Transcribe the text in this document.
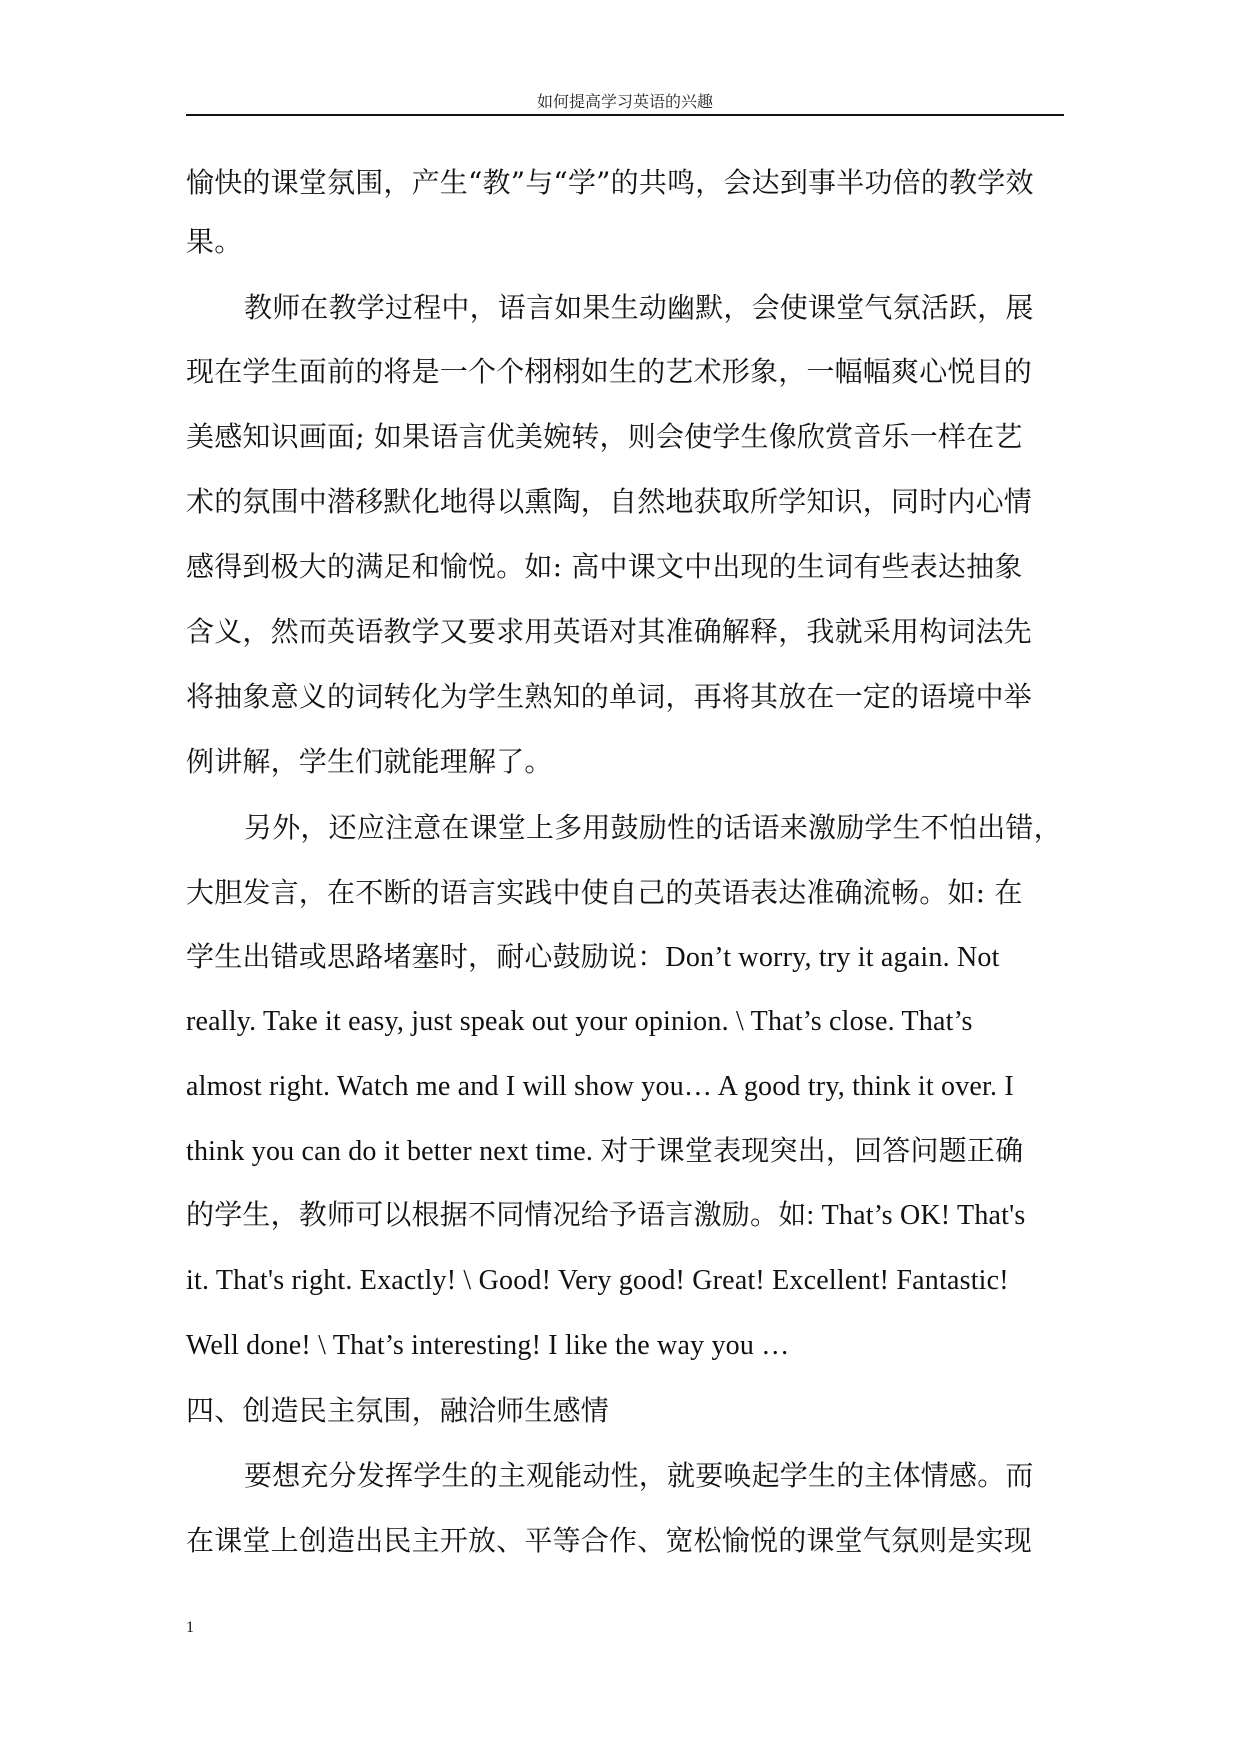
如何提高学习英语的兴趣
愉快的课堂氛围，产生“教”与“学”的共鸣，会达到事半功倍的教学效
果。
教师在教学过程中，语言如果生动幽默，会使课堂气氛活跃，展
现在学生面前的将是一个个栩栩如生的艺术形象，一幅幅爽心悦目的
美感知识画面; 如果语言优美婉转，则会使学生像欣赏音乐一样在艺
术的氛围中潜移默化地得以熏陶，自然地获取所学知识，同时内心情
感得到极大的满足和愉悦。如: 高中课文中出现的生词有些表达抽象
含义，然而英语教学又要求用英语对其准确解释，我就采用构词法先
将抽象意义的词转化为学生熟知的单词，再将其放在一定的语境中举
例讲解，学生们就能理解了。
另外，还应注意在课堂上多用鼓励性的话语来激励学生不怕出错，
大胆发言，在不断的语言实践中使自己的英语表达准确流畅。如: 在
学生出错或思路堵塞时，耐心鼓励说：Don’t worry, try it again. Not
really. Take it easy, just speak out your opinion. \ That’s close. That’s
almost right. Watch me and I will show you… A good try, think it over. I
think you can do it better next time. 对于课堂表现突出，回答问题正确
的学生，教师可以根据不同情况给予语言激励。如: That’s OK! That's
it. That's right. Exactly! \ Good! Very good! Great! Excellent! Fantastic!
Well done! \ That’s interesting! I like the way you …
四、创造民主氛围，融洽师生感情
要想充分发挥学生的主观能动性，就要唤起学生的主体情感。而
在课堂上创造出民主开放、平等合作、宽松愉悦的课堂气氛则是实现
1
